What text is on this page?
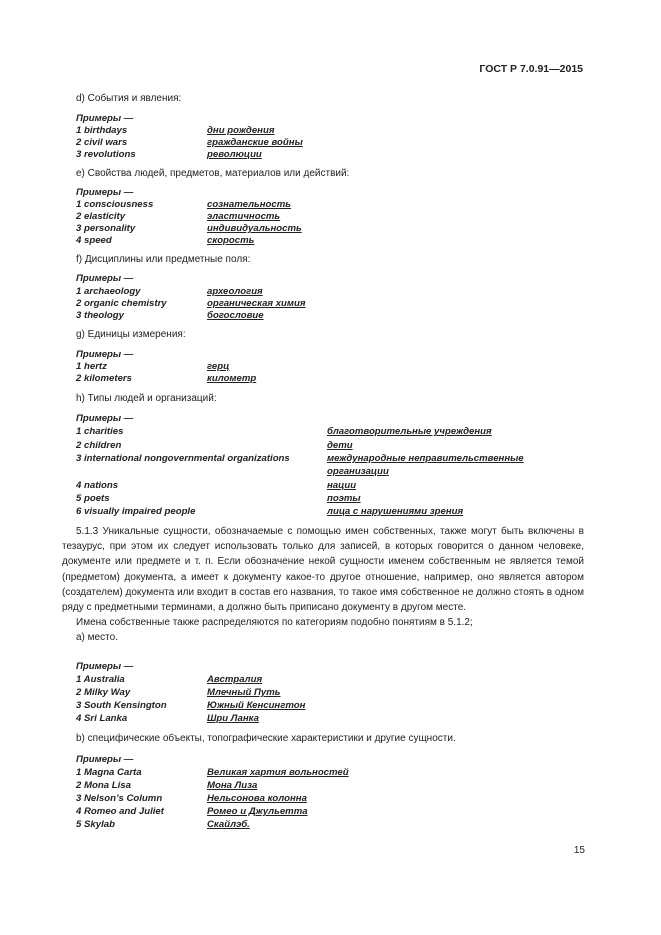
ГОСТ Р 7.0.91—2015
d) События и явления:
Примеры —
1 birthdays	дни рождения
2 civil wars	гражданские войны
3 revolutions	революции
e) Свойства людей, предметов, материалов или действий:
Примеры —
1 consciousness	сознательность
2 elasticity	эластичность
3 personality	индивидуальность
4 speed	скорость
f) Дисциплины или предметные поля:
Примеры —
1 archaeology	археология
2 organic chemistry	органическая химия
3 theology	богословие
g) Единицы измерения:
Примеры —
1 hertz	герц
2 kilometers	километр
h) Типы людей и организаций:
Примеры —
1 charities	благотворительные учреждения
2 children	дети
3 international nongovernmental organizations	международные неправительственные
организации
4 nations	нации
5 poets	поэты
6 visually impaired people	лица с нарушениями зрения

5.1.3 Уникальные сущности, обозначаемые с помощью имен собственных, также могут быть включены в тезаурус, при этом их следует использовать только для записей, в которых говорится о данном человеке, документе или предмете и т. п. Если обозначение некой сущности именем собственным не является темой (предметом) документа, а имеет к документу какое-то другое отношение, например, оно является автором (создателем) документа или входит в состав его названия, то такое имя собственное не должно стоять в одном ряду с предметными терминами, а должно быть приписано документу в другом месте.

Имена собственные также распределяются по категориям подобно понятиям в 5.1.2;

a) место.

Примеры —
1 Australia	Австралия
2 Milky Way	Млечный Путь
3 South Kensington	Южный Кенсингтон
4 Sri Lanka	Шри Ланка
b) специфические объекты, топографические характеристики и другие сущности.
Примеры —
1 Magna Carta	Великая хартия вольностей
2 Mona Lisa	Мона Лиза
3 Nelson’s Column	Нельсонова колонна
4 Romeo and Juliet	Ромео и Джульетта
5 Skylab	Скайлэб.
15
